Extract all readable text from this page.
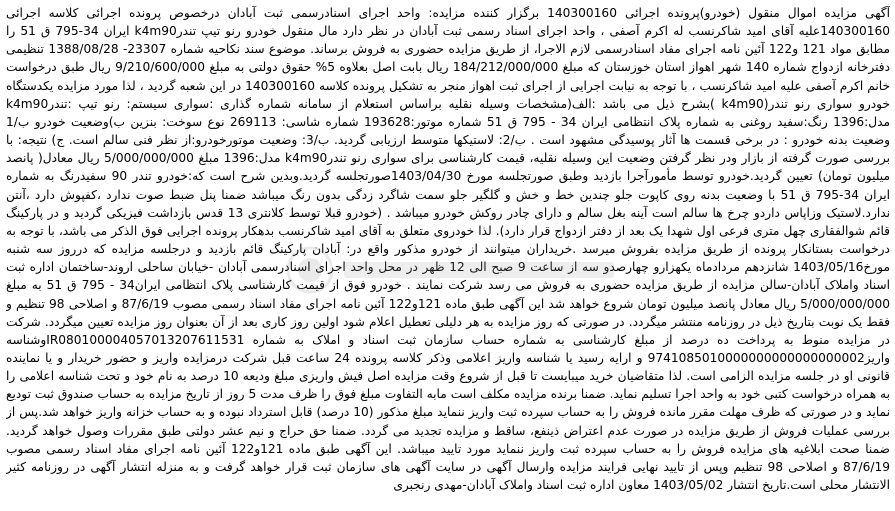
آگهی مزایده اموال منقول (خودرو)پرونده اجرائی 140300160 برگزار کننده مزایده: واحد اجرای اسنادرسمی ثبت آبادان درخصوص پرونده اجرائی کلاسه اجرائی 140300160علیه آقای امید شاکرنسب له اکرم آصفی ، واحد اجرای اسناد رسمی ثبت آبادان در نظر دارد مال منقول خودرو رنو تیپ تندرk4m90 ایران 34-795 ق 51 را مطابق مواد 121 و122 آئین نامه اجرای مفاد اسنادرسمی لازم الاجرا، از طریق مزایده حضوری به فروش برساند. موضوع سند نکاحیه شماره 23307- 1388/08/28 تنظیمی دفترخانه ازدواج شماره 140 شهر اهواز استان خوزستان که مبلغ 184/212/000/000 ریال بابت اصل بعلاوه 5% حقوق دولتی به مبلغ 9/210/600/000 ریال طبق درخواست خانم اکرم آصفی علیه امید شاکرنسب ، با توجه به نیابت اجرایی از اجرای ثبت اهواز منجر به تشکیل پرونده کلاسه 140300160 در این شعبه گردید ، لذا مورد مزایده یکدستگاه خودرو سواری رنو تندر(k4m90 )بشرح ذیل می باشد :الف(مشخصات وسیله نقلیه براساس استعلام از سامانه شماره گذاری :سواری سیستم: رنو تیپ :تندرk4m90 مدل:1396 رنگ:سفید روغنی به شماره پلاک انتظامی ایران 34 - 795 ق 51 شماره موتور:193628 شماره شاسی: 269113 نوع سوخت: بنزین ب)وضعیت خودرو ب/1 وضعیت بدنه خودرو : در برخی قسمت ها آثار پوسیدگی مشهود است . ب/2: لاستیکها متوسط ارزیابی گردید. ب/3: وضعیت موتورخودرو:از نظر فنی سالم است. ج) نتیجه: با بررسی صورت گرفته از بازار ودر نظر گرفتن وضعیت این وسیله نقلیه، قیمت کارشناسی برای سواری رنو تندرk4m90 مدل:1396 مبلغ 5/000/000/000 ریال معادل( پانصد میلیون تومان) تعیین گردید.خودرو توسط مأمورآجرا بازدید وطبق صورتجلسه مورخ 1403/04/30صورتجلسه گردید.وبدین شرح است که:خودرو تندر 90 سفیدرنگ به شماره ایران 34-795 ق 51 با وضعیت بدنه روی کاپوت جلو چندین خط و خش و گلگیر جلو سمت شاگرد زدگی بدون رنگ میباشد ضمنا پنل ضبط صوت ندارد ،کفپوش دارد ،آنتن ندارد.لاستیک وزاپاس داردو چرخ ها سالم است آینه بغل سالم و دارای چادر روکش خودرو میباشد . (خودرو قبلا توسط کلانتری 13 قدس بازداشت فیزیکی گردید و در پارکینگ قائم شوالفقاری چهل متری فرعی اول شهدا یک بعد از دفتر ازدواج قرار دارد). لذا خودروی متعلق به آقای امید شاکرنسب بدهکار پرونده اجرایی فوق الذکر می باشد، با توجه به درخواست بستانکار پرونده از طریق مزایده بفروش میرسد .خریداران میتوانند از خودرو مذکور واقع در: آبادان پارکینگ قائم بازدید و درجلسه مزایده که درروز سه شنبه مورخ1403/05/16 شانزدهم مردادماه یکهزارو چهارصدو سه از ساعت 9 صبح الی 12 ظهر در محل واحد اجرای اسنادرسمی آبادان -خیابان ساحلی اروند-ساختمان اداره ثبت اسناد واملاک آبادان-سالن مزایده از طریق مزایده حضوری به فروش می رسد شرکت نمایند . خودرو فوق از قیمت کارشناسی پلاک انتظامی ایران34 - 795 ق 51 به مبلغ 5/000/000/000 ریال معادل پانصد میلیون تومان شروع خواهد شد این آگهی طبق ماده 121و122 آئین نامه اجرای مفاد اسناد رسمی مصوب 87/6/19 و اصلاحی 98 تنظیم و فقط یک نوبت بتاریخ ذیل در روزنامه منتشر میگردد. در صورتی که روز مزایده به هر دلیلی تعطیل اعلام شود اولین روز کاری بعد از آن بعنوان روز مزایده تعیین میگردد. شرکت در مزایده منوط به پرداخت ده درصد از مبلغ کارشناسی به شماره حساب سازمان ثبت اسناد و املاک به شماره IR080100004057013207611531وشناسه واریز9741085010000000000000000002 و ارایه رسید یا شناسه واریز اعلامی وذکر کلاسه پرونده 24 ساعت قبل شرکت درمزایده واریز و حضور خریدار و یا نماینده قانونی او در جلسه مزایده الزامی است. لذا متقاضیان خرید میبایست تا قبل از شروع وقت مزایده اصل فیش واریزی مبلغ ودیعه 10 درصد به نام خود و تحت شناسه اعلامی را به همراه درخواست کتبی خود به واحد اجرا تسلیم نماید. ضمنا برنده مزایده مکلف است مابه التفاوت مبلغ فوق را ظرف مدت 5 روز از تاریخ مزایده به حساب صندوق ثبت تودیع نماید و در صورتی که ظرف مهلت مقرر مانده فروش را به حساب سپرده ثبت واریز ننماید مبلغ مذکور (10 درصد) قابل استرداد نبوده و به حساب خزانه واریز خواهد شد.پس از بررسی عملیات فروش از طریق مزایده در صورت عدم اعتراض ذینفع، ساقط و مزایده تجدید می گردد. ضمنا حق حراج و نیم عشر دولتی طبق مقررات وصول خواهد گردید. ضمنا صحت ابلاغیه های مزایده فروش را به حساب سپرده ثبت واریز ننماید مورد تایید میباشد. این آگهی طبق ماده 121و122 آئین نامه اجرای مفاد اسناد رسمی مصوب 87/6/19 و اصلاحی 98 تنظیم وپس از تایید نهایی فرایند مزایده وارسال آگهی در سایت آگهی های سازمان ثبت قرار خواهد گرفت و به منزله انتشار آگهی در روزنامه کثیر الانتشار محلی است.تاریخ انتشار 1403/05/02 معاون اداره ثبت اسناد واملاک آبادان-مهدی رنجبری
